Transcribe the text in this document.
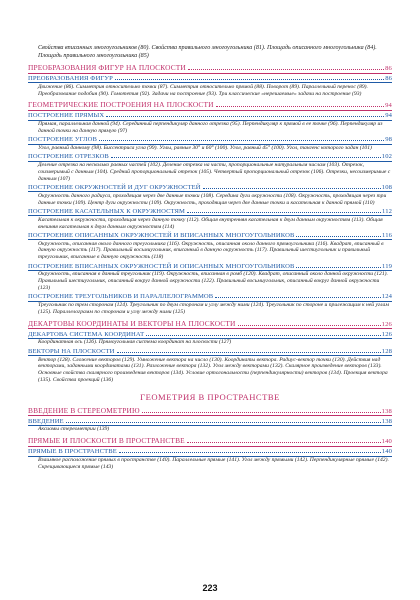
Свойства вписанных многоугольников (80). Свойства правильного многоугольника (81). Площадь описанного многоугольника (84). Площадь правильного многоугольника (85)
ПРЕОБРАЗОВАНИЯ ФИГУР НА ПЛОСКОСТИ	86
ПРЕОБРАЗОВАНИЯ ФИГУР	86
Движение (86). Симметрия относительно точки (87). Симметрия относительно прямой (88). Поворот (89). Параллельный перенос (89). Преобразование подобия (90). Гомотетия (92). Задачи на построение (93). Три классические «нерешаемые» задачи на построение (93)
ГЕОМЕТРИЧЕСКИЕ ПОСТРОЕНИЯ НА ПЛОСКОСТИ	94
ПОСТРОЕНИЕ ПРЯМЫХ	94
Прямая, параллельная данной (94). Серединный перпендикуляр данного отрезка (95). Перпендикуляр к прямой в ее точке (96). Перпендикуляр из данной точки на данную прямую (97)
ПОСТРОЕНИЕ УГЛОВ	98
Угол, равный данному (98). Биссектриса угла (99). Углы, равные 30° и 60° (100). Угол, равный 45° (100). Угол, тангенс которого задан (101)
ПОСТРОЕНИЕ ОТРЕЗКОВ	102
Деление отрезка на несколько равных частей (102). Деление отрезка на части, пропорциональные натуральным числам (103). Отрезок, соизмеримый с данным (104). Средний пропорциональный отрезок (105). Четвертый пропорциональный отрезок (106). Отрезки, несоизмеримые с данным (107)
ПОСТРОЕНИЕ ОКРУЖНОСТЕЙ И ДУГ ОКРУЖНОСТЕЙ	108
Окружность данного радиуса, проходящая через две данные точки (108). Середина дуги окружности (108). Окружность, проходящая через три данные точки (109). Центр дуги окружности (109). Окружность, проходящая через две данные точки и касательная к данной прямой (110)
ПОСТРОЕНИЕ КАСАТЕЛЬНЫХ К ОКРУЖНОСТЯМ	112
Касательная к окружности, проходящая через данную точку (112). Общая внутренняя касательная к двум данным окружностям (113). Общая внешняя касательная к двум данным окружностям (114)
ПОСТРОЕНИЕ ОПИСАННЫХ ОКРУЖНОСТЕЙ И ВПИСАННЫХ МНОГОУГОЛЬНИКОВ	116
Окружность, описанная около данного треугольника (116). Окружность, описанная около данного прямоугольника (116). Квадрат, вписанный в данную окружность (117). Правильный восьмиугольник, вписанный в данную окружность (117). Правильный шестиугольник и правильный треугольник, вписанные в данную окружность (118)
ПОСТРОЕНИЕ ВПИСАННЫХ ОКРУЖНОСТЕЙ И ОПИСАННЫХ МНОГОУГОЛЬНИКОВ	119
Окружность, вписанная в данный треугольник (119). Окружность, вписанная в ромб (120). Квадрат, описанный около данной окружности (121). Правильный шестиугольник, описанный вокруг данной окружности (122). Правильный восьмиугольник, описанный вокруг данной окружности (123)
ПОСТРОЕНИЕ ТРЕУГОЛЬНИКОВ И ПАРАЛЛЕЛОГРАММОВ	124
Треугольник по трем сторонам (124). Треугольник по двум сторонам и углу между ними (124). Треугольник по стороне и прилежащим к ней углам (125). Параллелограмм по сторонам и углу между ними (125)
ДЕКАРТОВЫ КООРДИНАТЫ И ВЕКТОРЫ НА ПЛОСКОСТИ	126
ДЕКАРТОВА СИСТЕМА КООРДИНАТ	126
Координатная ось (126). Прямоугольная система координат на плоскости (127)
ВЕКТОРЫ НА ПЛОСКОСТИ	128
Вектор (128). Сложение векторов (129). Умножение вектора на число (130). Координаты вектора. Радиус-вектор точки (130). Действия над векторами, заданными координатами (131). Разложение вектора (132). Угол между векторами (132). Скалярное произведение векторов (133). Основные свойства скалярного произведения векторов (134). Условие ортогональности (перпендикулярности) векторов (134). Проекция вектора (135). Свойства проекций (136)
ГЕОМЕТРИЯ В ПРОСТРАНСТВЕ
ВВЕДЕНИЕ В СТЕРЕОМЕТРИЮ	138
ВВЕДЕНИЕ	138
Аксиомы стереометрии (139)
ПРЯМЫЕ И ПЛОСКОСТИ В ПРОСТРАНСТВЕ	140
ПРЯМЫЕ В ПРОСТРАНСТВЕ	140
Взаимное расположение прямых в пространстве (140). Параллельные прямые (141). Угол между прямыми (142). Перпендикулярные прямые (142). Скрещивающиеся прямые (143)
223
